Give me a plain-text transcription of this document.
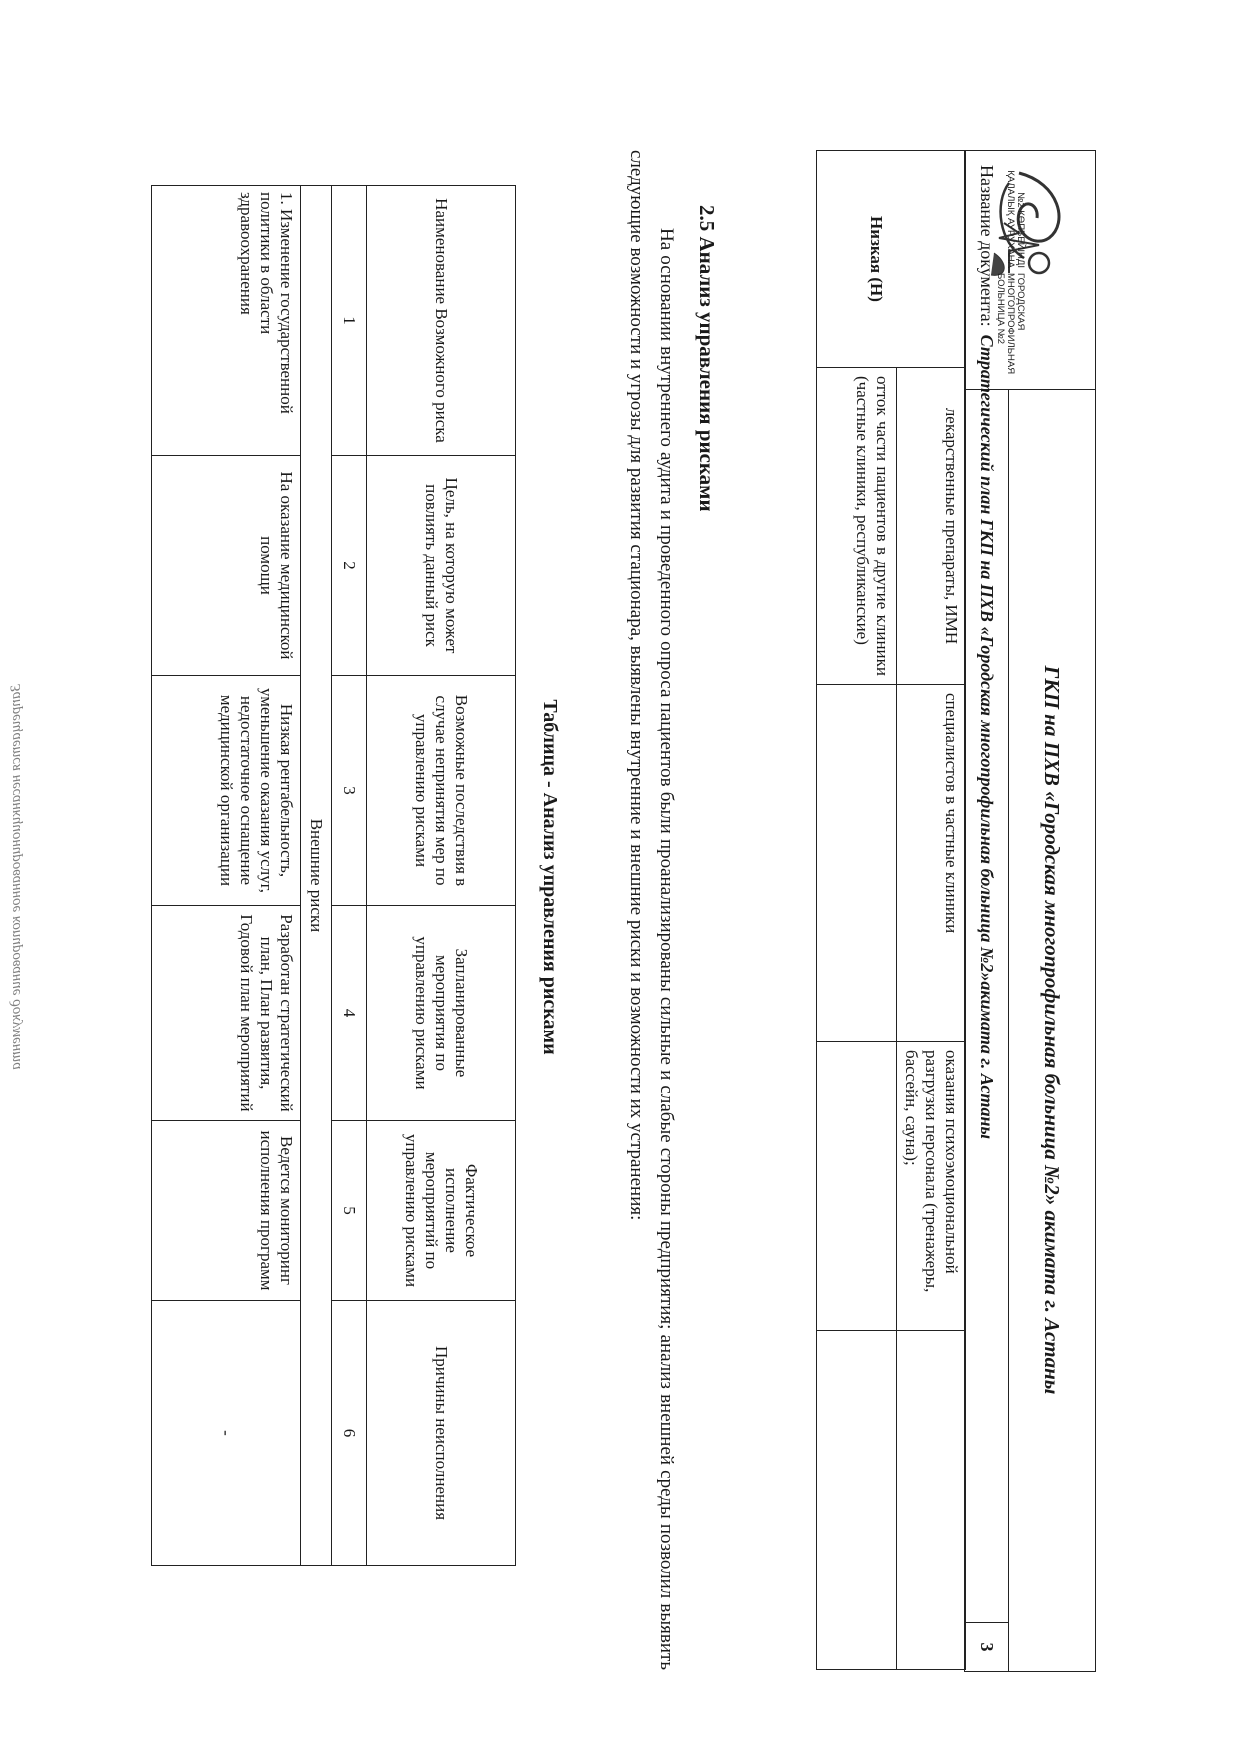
ГОРОДСКАЯ МНОГОПРОФИЛЬНАЯ БОЛЬНИЦА №2
№2 КӨПБЕЙІНДІ ҚАЛАЛЫҚ АУРУХАНА
ГКП на ПХВ «Городская многопрофильная больница №2» акимата г. Астаны
Название документа:
Стратегический план ГКП на ПХВ «Городская многопрофильная больница №2»акимата г. Астаны
3
	лекарственные препараты, ИМН	специалистов в частные клиники	оказания психоэмоциональной разгрузки персонала (тренажеры, бассейн, сауна);	
Низкая (Н)	отток части пациентов в другие клиники (частные клиники, республиканские)			
2.5 Анализ управления рисками
На основании внутреннего аудита и проведенного опроса пациентов были проанализированы сильные и слабые стороны предприятия; анализ внешней среды позволил выявить следующие возможности и угрозы для развития стационара, выявлены внутренние и внешние риски и возможности их устранения:
Таблица - Анализ управления рисками
Наименование Возможного риска	Цель, на которую может повлиять данный риск	Возможные последствия в случае непринятия мер по управлению рисками	Запланированные мероприятия по управлению рисками	Фактическое исполнение мероприятий по управлению рисками	Причины неисполнения
1	2	3	4	5	6
Внешние риски					
1. Изменение государственной политики в области здравоохранения	На оказание медицинской помощи	Низкая рентабельность, уменьшение оказания услуг, недостаточное оснащение медицинской организации	Разработан стратегический план, План развития, Годовой план мероприятий	Ведется мониторинг исполнения программ	-
Запрещается несанкционированное копирование документа
